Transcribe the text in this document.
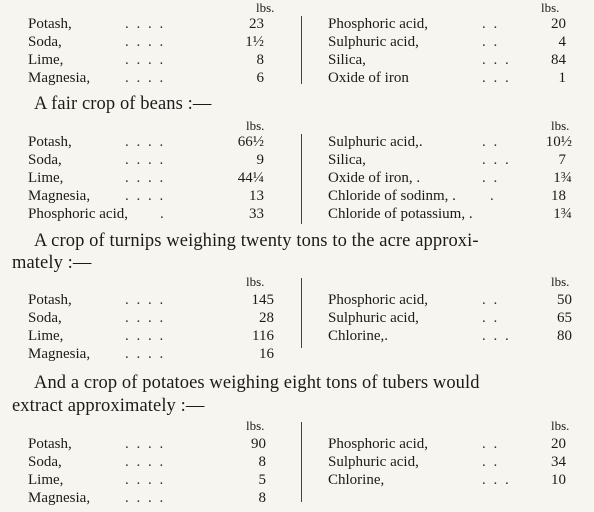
lbs.	lbs.
Potash,	. . . .	23	Phosphoric acid,	. .	20
Soda,	. . . .	1½	Sulphuric acid,	. .	4
Lime,	. . . .	8	Silica,	. . .	84
Magnesia, . . . .	6	Oxide of iron	. . .	1
A fair crop of beans :—
lbs.	lbs.
Potash,	. . . .	66½	Sulphuric acid,.	. .	10½
Soda,	. . . .	9	Silica,	. . .	7
Lime,	. . . .	44¼	Oxide of iron, .	. .	1¾
Magnesia, . . . .	13	Chloride of sodinm, . .	18
Phosphoric acid, .	33	Chloride of potassium, .	1¾
A crop of turnips weighing twenty tons to the acre approxi-
mately :—
lbs.	lbs.
Potash,	. . . .	145	Phosphoric acid,	. .	50
Soda,	. . . .	28	Sulphuric acid,	. .	65
Lime,	. . . .	116	Chlorine,.	. . .	80
Magnesia, . . . .	16
And a crop of potatoes weighing eight tons of tubers would
extract approximately :—
lbs.	lbs.
Potash,	. . . .	90	Phosphoric acid,	. .	20
Soda,	. . . .	8	Sulphuric acid,	. .	34
Lime,	. . . .	5	Chlorine,	. . .	10
Magnesia, . . . .	8
